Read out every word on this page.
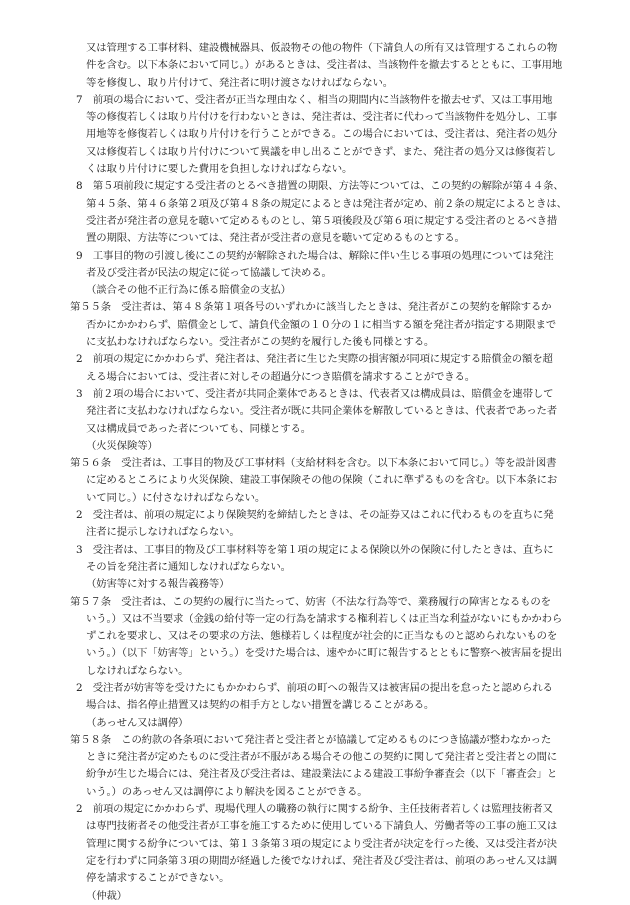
又は管理する工事材料、建設機械器具、仮設物その他の物件（下請負人の所有又は管理するこれらの物

件を含む。以下本条において同じ。）があるときは、受注者は、当該物件を撤去するとともに、工事用地

等を修復し、取り片付けて、発注者に明け渡さなければならない。

7　前項の場合において、受注者が正当な理由なく、相当の期間内に当該物件を撤去せず、又は工事用地

等の修復若しくは取り片付けを行わないときは、発注者は、受注者に代わって当該物件を処分し、工事

用地等を修復若しくは取り片付けを行うことができる。この場合においては、受注者は、発注者の処分

又は修復若しくは取り片付けについて異議を申し出ることができず、また、発注者の処分又は修復若し

くは取り片付けに要した費用を負担しなければならない。

8　第５項前段に規定する受注者のとるべき措置の期限、方法等については、この契約の解除が第４４条、

第４５条、第４６条第２項及び第４８条の規定によるときは発注者が定め、前２条の規定によるときは、

受注者が発注者の意見を聴いて定めるものとし、第５項後段及び第６項に規定する受注者のとるべき措

置の期限、方法等については、発注者が受注者の意見を聴いて定めるものとする。

9　工事目的物の引渡し後にこの契約が解除された場合は、解除に伴い生じる事項の処理については発注

者及び受注者が民法の規定に従って協議して決める。

（談合その他不正行為に係る賠償金の支払）

第５５条　受注者は、第４８条第１項各号のいずれかに該当したときは、発注者がこの契約を解除するか

否かにかかわらず、賠償金として、請負代金額の１０分の１に相当する額を発注者が指定する期限まで

に支払わなければならない。受注者がこの契約を履行した後も同様とする。

2　前項の規定にかかわらず、発注者は、発注者に生じた実際の損害額が同項に規定する賠償金の額を超

える場合においては、受注者に対しその超過分につき賠償を請求することができる。

3　前２項の場合において、受注者が共同企業体であるときは、代表者又は構成員は、賠償金を連帯して

発注者に支払わなければならない。受注者が既に共同企業体を解散しているときは、代表者であった者

又は構成員であった者についても、同様とする。

（火災保険等）

第５６条　受注者は、工事目的物及び工事材料（支給材料を含む。以下本条において同じ。）等を設計図書

に定めるところにより火災保険、建設工事保険その他の保険（これに準ずるものを含む。以下本条にお

いて同じ。）に付さなければならない。

2　受注者は、前項の規定により保険契約を締結したときは、その証券又はこれに代わるものを直ちに発

注者に提示しなければならない。

3　受注者は、工事目的物及び工事材料等を第１項の規定による保険以外の保険に付したときは、直ちに

その旨を発注者に通知しなければならない。

（妨害等に対する報告義務等）

第５７条　受注者は、この契約の履行に当たって、妨害（不法な行為等で、業務履行の障害となるものを

いう。）又は不当要求（金銭の給付等一定の行為を請求する権利若しくは正当な利益がないにもかかわら

ずこれを要求し、又はその要求の方法、態様若しくは程度が社会的に正当なものと認められないものを

いう。）（以下「妨害等」という。）を受けた場合は、速やかに町に報告するとともに警察へ被害届を提出

しなければならない。

2　受注者が妨害等を受けたにもかかわらず、前項の町への報告又は被害届の提出を怠ったと認められる

場合は、指名停止措置又は契約の相手方としない措置を講じることがある。

（あっせん又は調停）

第５８条　この約款の各条項において発注者と受注者とが協議して定めるものにつき協議が整わなかった

ときに発注者が定めたものに受注者が不服がある場合その他この契約に関して発注者と受注者との間に

紛争が生じた場合には、発注者及び受注者は、建設業法による建設工事紛争審査会（以下「審査会」と

いう。）のあっせん又は調停により解決を図ることができる。

2　前項の規定にかかわらず、現場代理人の職務の執行に関する紛争、主任技術者若しくは監理技術者又

は専門技術者その他受注者が工事を施工するために使用している下請負人、労働者等の工事の施工又は

管理に関する紛争については、第１３条第３項の規定により受注者が決定を行った後、又は受注者が決

定を行わずに同条第３項の期間が経過した後でなければ、発注者及び受注者は、前項のあっせん又は調

停を請求することができない。

（仲裁）
